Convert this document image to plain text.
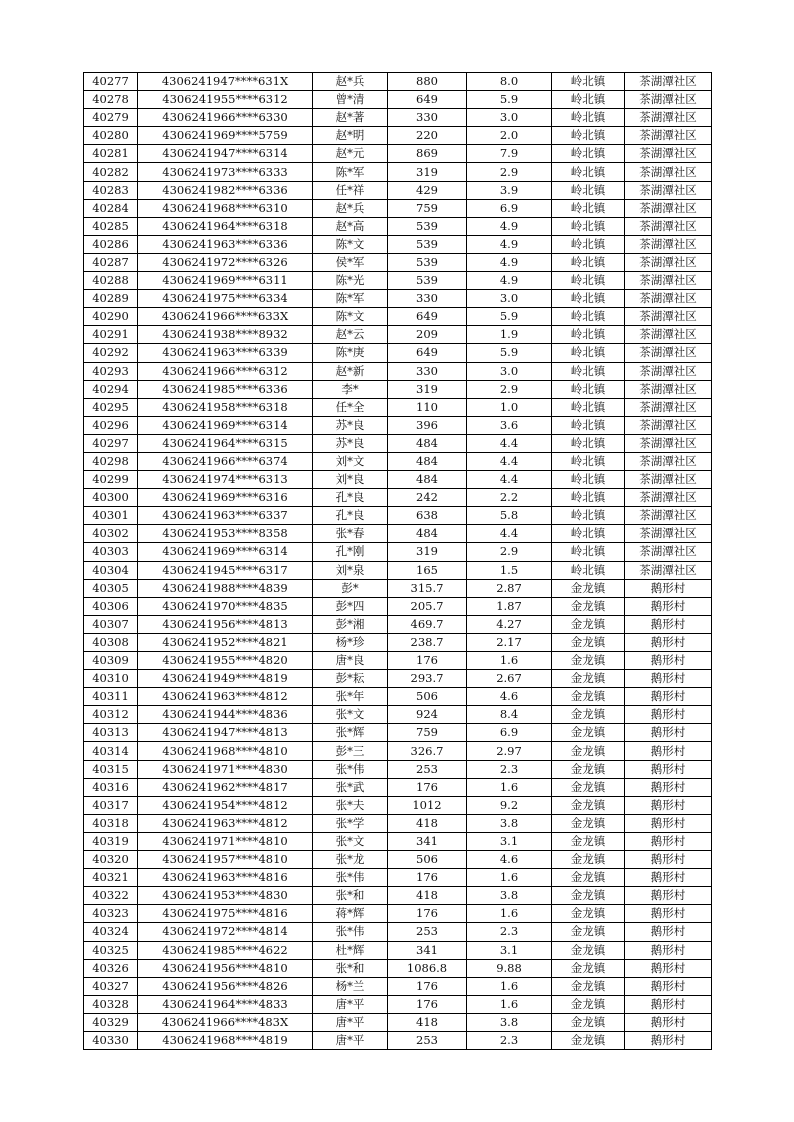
40277	4306241947****631X	赵*兵	880	8.0	岭北镇	茶湖潭社区
40278	4306241955****6312	曾*清	649	5.9	岭北镇	茶湖潭社区
40279	4306241966****6330	赵*著	330	3.0	岭北镇	茶湖潭社区
40280	4306241969****5759	赵*明	220	2.0	岭北镇	茶湖潭社区
40281	4306241947****6314	赵*元	869	7.9	岭北镇	茶湖潭社区
40282	4306241973****6333	陈*军	319	2.9	岭北镇	茶湖潭社区
40283	4306241982****6336	任*祥	429	3.9	岭北镇	茶湖潭社区
40284	4306241968****6310	赵*兵	759	6.9	岭北镇	茶湖潭社区
40285	4306241964****6318	赵*高	539	4.9	岭北镇	茶湖潭社区
40286	4306241963****6336	陈*文	539	4.9	岭北镇	茶湖潭社区
40287	4306241972****6326	侯*军	539	4.9	岭北镇	茶湖潭社区
40288	4306241969****6311	陈*光	539	4.9	岭北镇	茶湖潭社区
40289	4306241975****6334	陈*军	330	3.0	岭北镇	茶湖潭社区
40290	4306241966****633X	陈*文	649	5.9	岭北镇	茶湖潭社区
40291	4306241938****8932	赵*云	209	1.9	岭北镇	茶湖潭社区
40292	4306241963****6339	陈*庚	649	5.9	岭北镇	茶湖潭社区
40293	4306241966****6312	赵*新	330	3.0	岭北镇	茶湖潭社区
40294	4306241985****6336	李*	319	2.9	岭北镇	茶湖潭社区
40295	4306241958****6318	任*全	110	1.0	岭北镇	茶湖潭社区
40296	4306241969****6314	苏*良	396	3.6	岭北镇	茶湖潭社区
40297	4306241964****6315	苏*良	484	4.4	岭北镇	茶湖潭社区
40298	4306241966****6374	刘*文	484	4.4	岭北镇	茶湖潭社区
40299	4306241974****6313	刘*良	484	4.4	岭北镇	茶湖潭社区
40300	4306241969****6316	孔*良	242	2.2	岭北镇	茶湖潭社区
40301	4306241963****6337	孔*良	638	5.8	岭北镇	茶湖潭社区
40302	4306241953****8358	张*春	484	4.4	岭北镇	茶湖潭社区
40303	4306241969****6314	孔*刚	319	2.9	岭北镇	茶湖潭社区
40304	4306241945****6317	刘*泉	165	1.5	岭北镇	茶湖潭社区
40305	4306241988****4839	彭*	315.7	2.87	金龙镇	鹅形村
40306	4306241970****4835	彭*四	205.7	1.87	金龙镇	鹅形村
40307	4306241956****4813	彭*湘	469.7	4.27	金龙镇	鹅形村
40308	4306241952****4821	杨*珍	238.7	2.17	金龙镇	鹅形村
40309	4306241955****4820	唐*良	176	1.6	金龙镇	鹅形村
40310	4306241949****4819	彭*耘	293.7	2.67	金龙镇	鹅形村
40311	4306241963****4812	张*年	506	4.6	金龙镇	鹅形村
40312	4306241944****4836	张*文	924	8.4	金龙镇	鹅形村
40313	4306241947****4813	张*辉	759	6.9	金龙镇	鹅形村
40314	4306241968****4810	彭*三	326.7	2.97	金龙镇	鹅形村
40315	4306241971****4830	张*伟	253	2.3	金龙镇	鹅形村
40316	4306241962****4817	张*武	176	1.6	金龙镇	鹅形村
40317	4306241954****4812	张*夫	1012	9.2	金龙镇	鹅形村
40318	4306241963****4812	张*学	418	3.8	金龙镇	鹅形村
40319	4306241971****4810	张*文	341	3.1	金龙镇	鹅形村
40320	4306241957****4810	张*龙	506	4.6	金龙镇	鹅形村
40321	4306241963****4816	张*伟	176	1.6	金龙镇	鹅形村
40322	4306241953****4830	张*和	418	3.8	金龙镇	鹅形村
40323	4306241975****4816	蒋*辉	176	1.6	金龙镇	鹅形村
40324	4306241972****4814	张*伟	253	2.3	金龙镇	鹅形村
40325	4306241985****4622	杜*辉	341	3.1	金龙镇	鹅形村
40326	4306241956****4810	张*和	1086.8	9.88	金龙镇	鹅形村
40327	4306241956****4826	杨*兰	176	1.6	金龙镇	鹅形村
40328	4306241964****4833	唐*平	176	1.6	金龙镇	鹅形村
40329	4306241966****483X	唐*平	418	3.8	金龙镇	鹅形村
40330	4306241968****4819	唐*平	253	2.3	金龙镇	鹅形村
